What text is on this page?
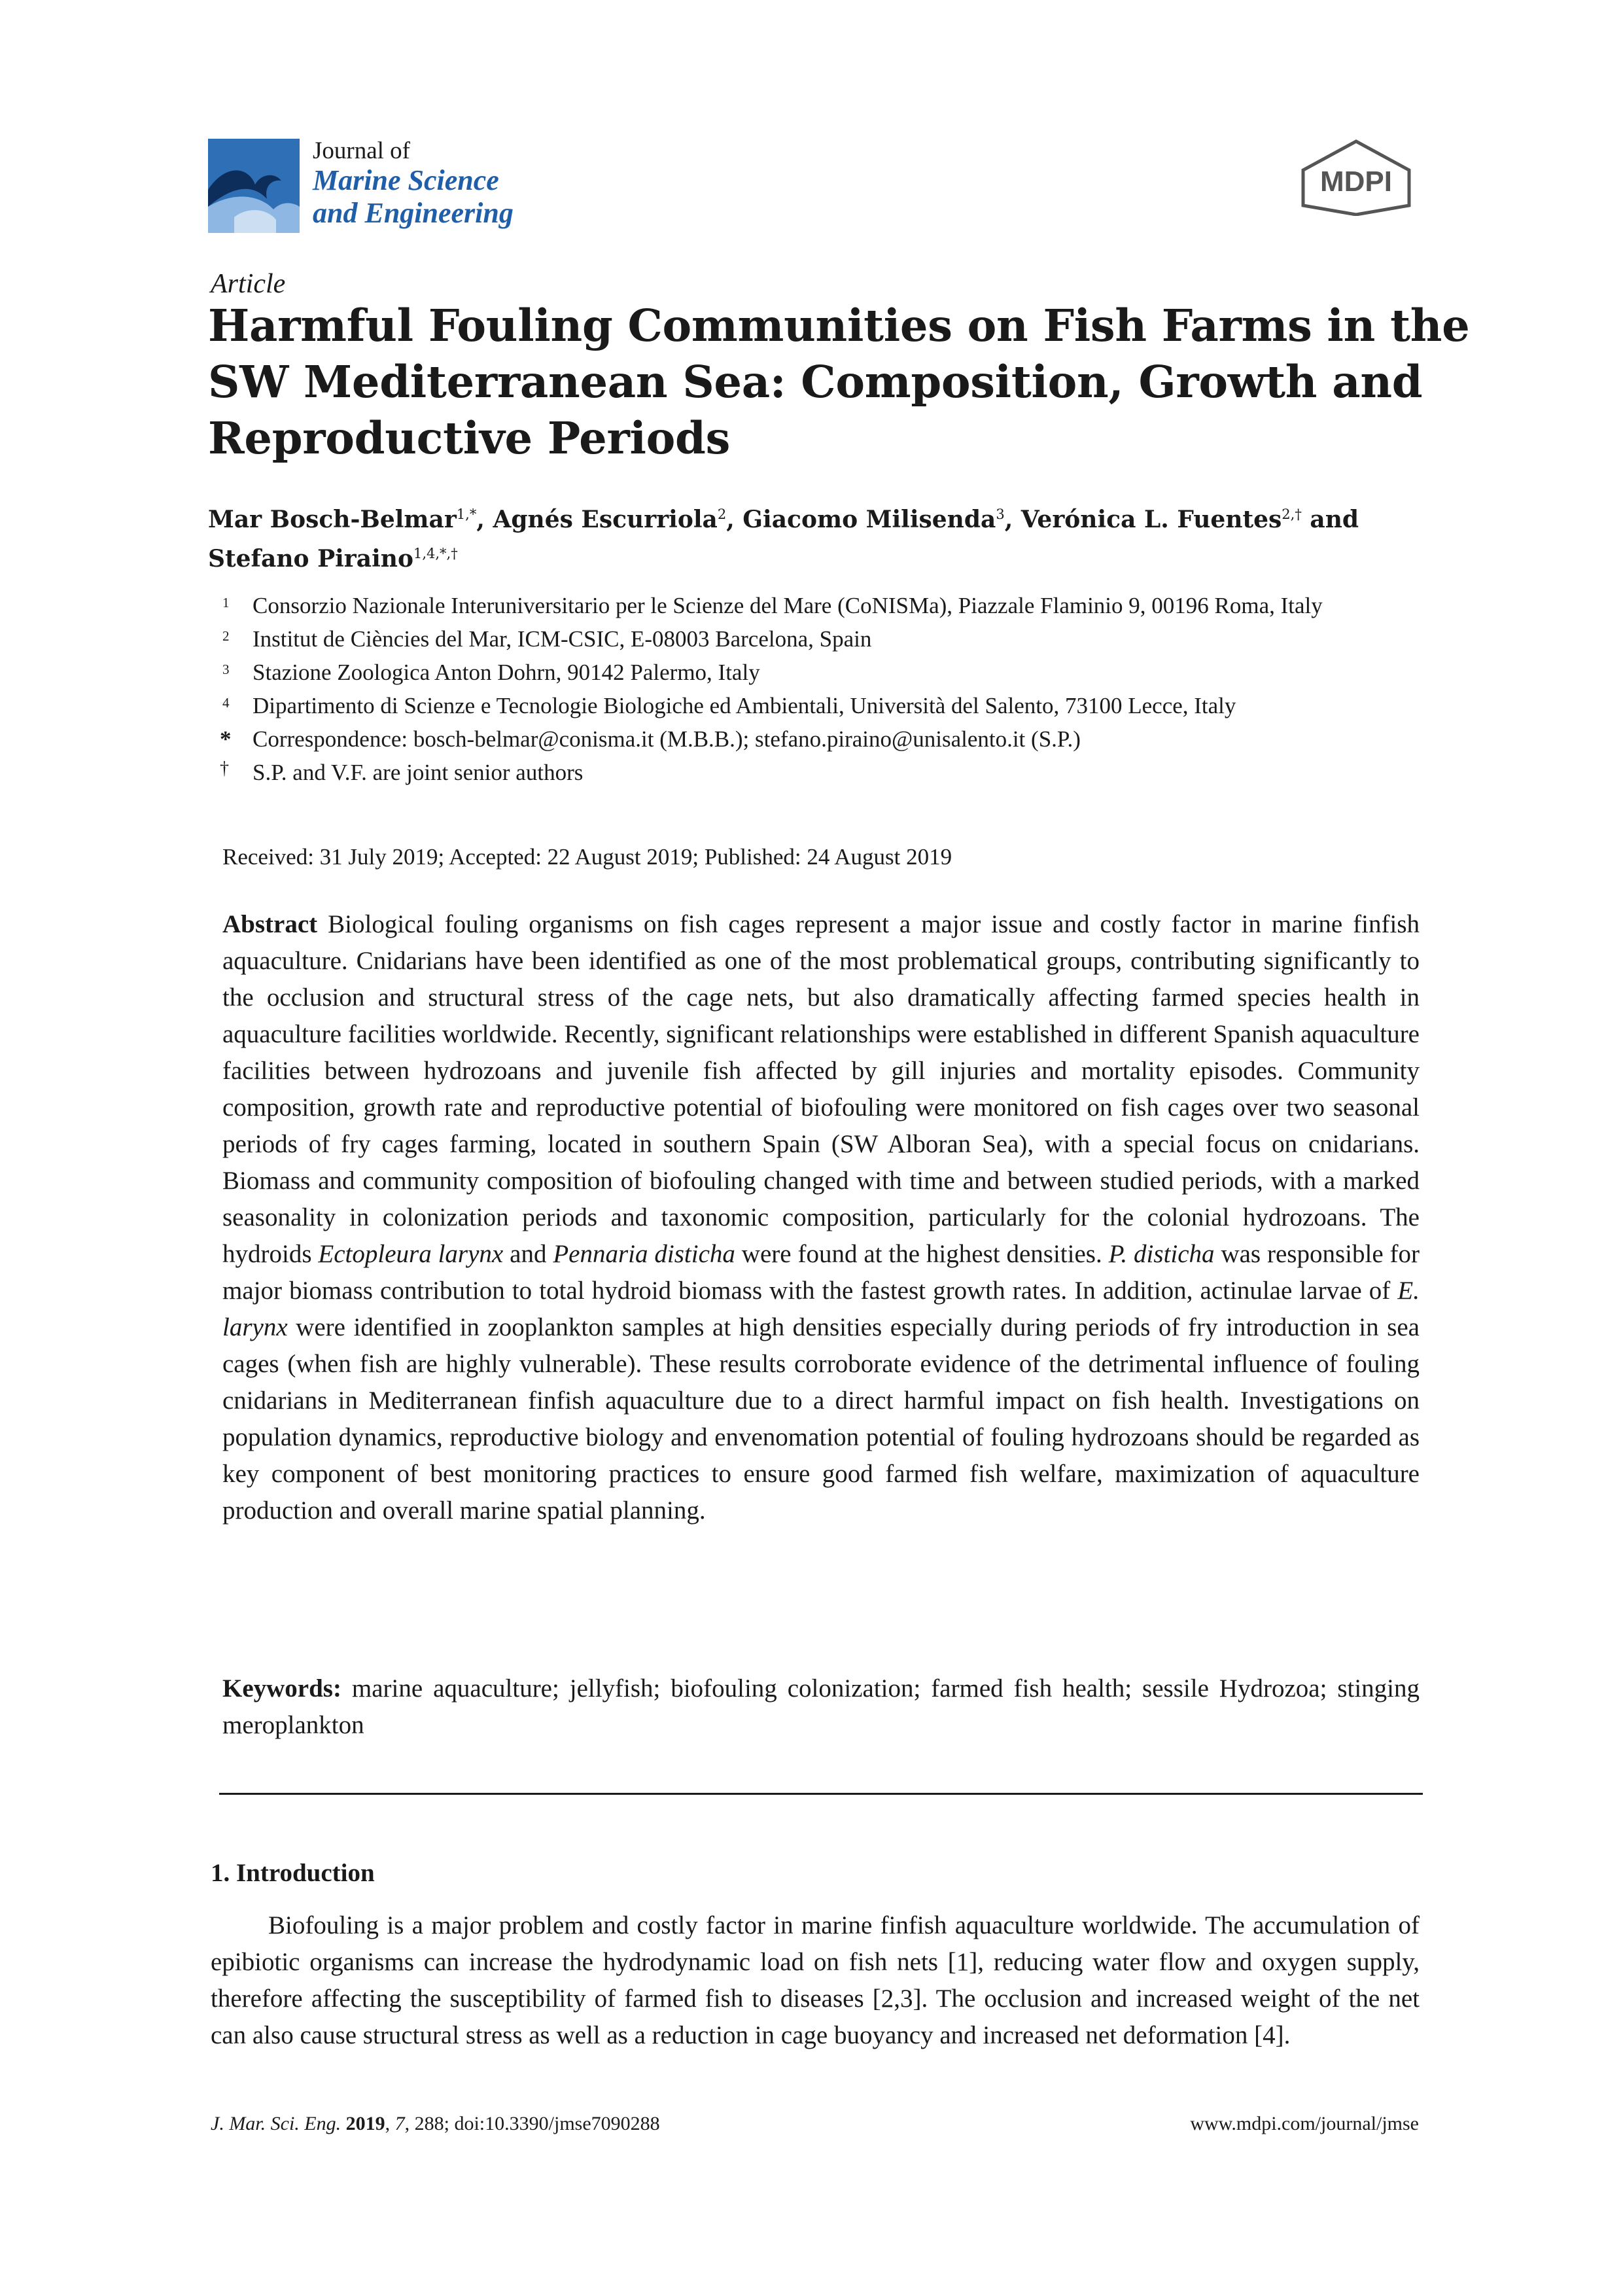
Journal of
Marine Science
and Engineering
MDPI
Article
Harmful Fouling Communities on Fish Farms in the
SW Mediterranean Sea: Composition, Growth and
Reproductive Periods
Mar Bosch-Belmar$^{1,*}$, Agnés Escurriola$^2$, Giacomo Milisenda$^3$, Verónica L. Fuentes$^{2,\dagger}$ and
Stefano Piraino$^{1,4,*,\dagger}$
1 Consorzio Nazionale Interuniversitario per le Scienze del Mare (CoNISMa), Piazzale Flaminio 9, 00196 Roma, Italy
2 Institut de Ciències del Mar, ICM-CSIC, E-08003 Barcelona, Spain
3 Stazione Zoologica Anton Dohrn, 90142 Palermo, Italy
4 Dipartimento di Scienze e Tecnologie Biologiche ed Ambientali, Università del Salento, 73100 Lecce, Italy
* Correspondence: bosch-belmar@conisma.it (M.B.B.); stefano.piraino@unisalento.it (S.P.)
† S.P. and V.F. are joint senior authors
Received: 31 July 2019; Accepted: 22 August 2019; Published: 24 August 2019
Abstract Biological fouling organisms on fish cages represent a major issue and costly factor in marine finfish aquaculture. Cnidarians have been identified as one of the most problematical groups, contributing significantly to the occlusion and structural stress of the cage nets, but also dramatically affecting farmed species health in aquaculture facilities worldwide. Recently, significant relationships were established in different Spanish aquaculture facilities between hydrozoans and juvenile fish affected by gill injuries and mortality episodes. Community composition, growth rate and reproductive potential of biofouling were monitored on fish cages over two seasonal periods of fry cages farming, located in southern Spain (SW Alboran Sea), with a special focus on cnidarians. Biomass and community composition of biofouling changed with time and between studied periods, with a marked seasonality in colonization periods and taxonomic composition, particularly for the colonial hydrozoans. The hydroids Ectopleura larynx and Pennaria disticha were found at the highest densities. P. disticha was responsible for major biomass contribution to total hydroid biomass with the fastest growth rates. In addition, actinulae larvae of E. larynx were identified in zooplankton samples at high densities especially during periods of fry introduction in sea cages (when fish are highly vulnerable). These results corroborate evidence of the detrimental influence of fouling cnidarians in Mediterranean finfish aquaculture due to a direct harmful impact on fish health. Investigations on population dynamics, reproductive biology and envenomation potential of fouling hydrozoans should be regarded as key component of best monitoring practices to ensure good farmed fish welfare, maximization of aquaculture production and overall marine spatial planning.
Keywords: marine aquaculture; jellyfish; biofouling colonization; farmed fish health; sessile Hydrozoa; stinging meroplankton
1. Introduction
Biofouling is a major problem and costly factor in marine finfish aquaculture worldwide. The accumulation of epibiotic organisms can increase the hydrodynamic load on fish nets [1], reducing water flow and oxygen supply, therefore affecting the susceptibility of farmed fish to diseases [2,3]. The occlusion and increased weight of the net can also cause structural stress as well as a reduction in cage buoyancy and increased net deformation [4].
J. Mar. Sci. Eng. 2019, 7, 288; doi:10.3390/jmse7090288	www.mdpi.com/journal/jmse
